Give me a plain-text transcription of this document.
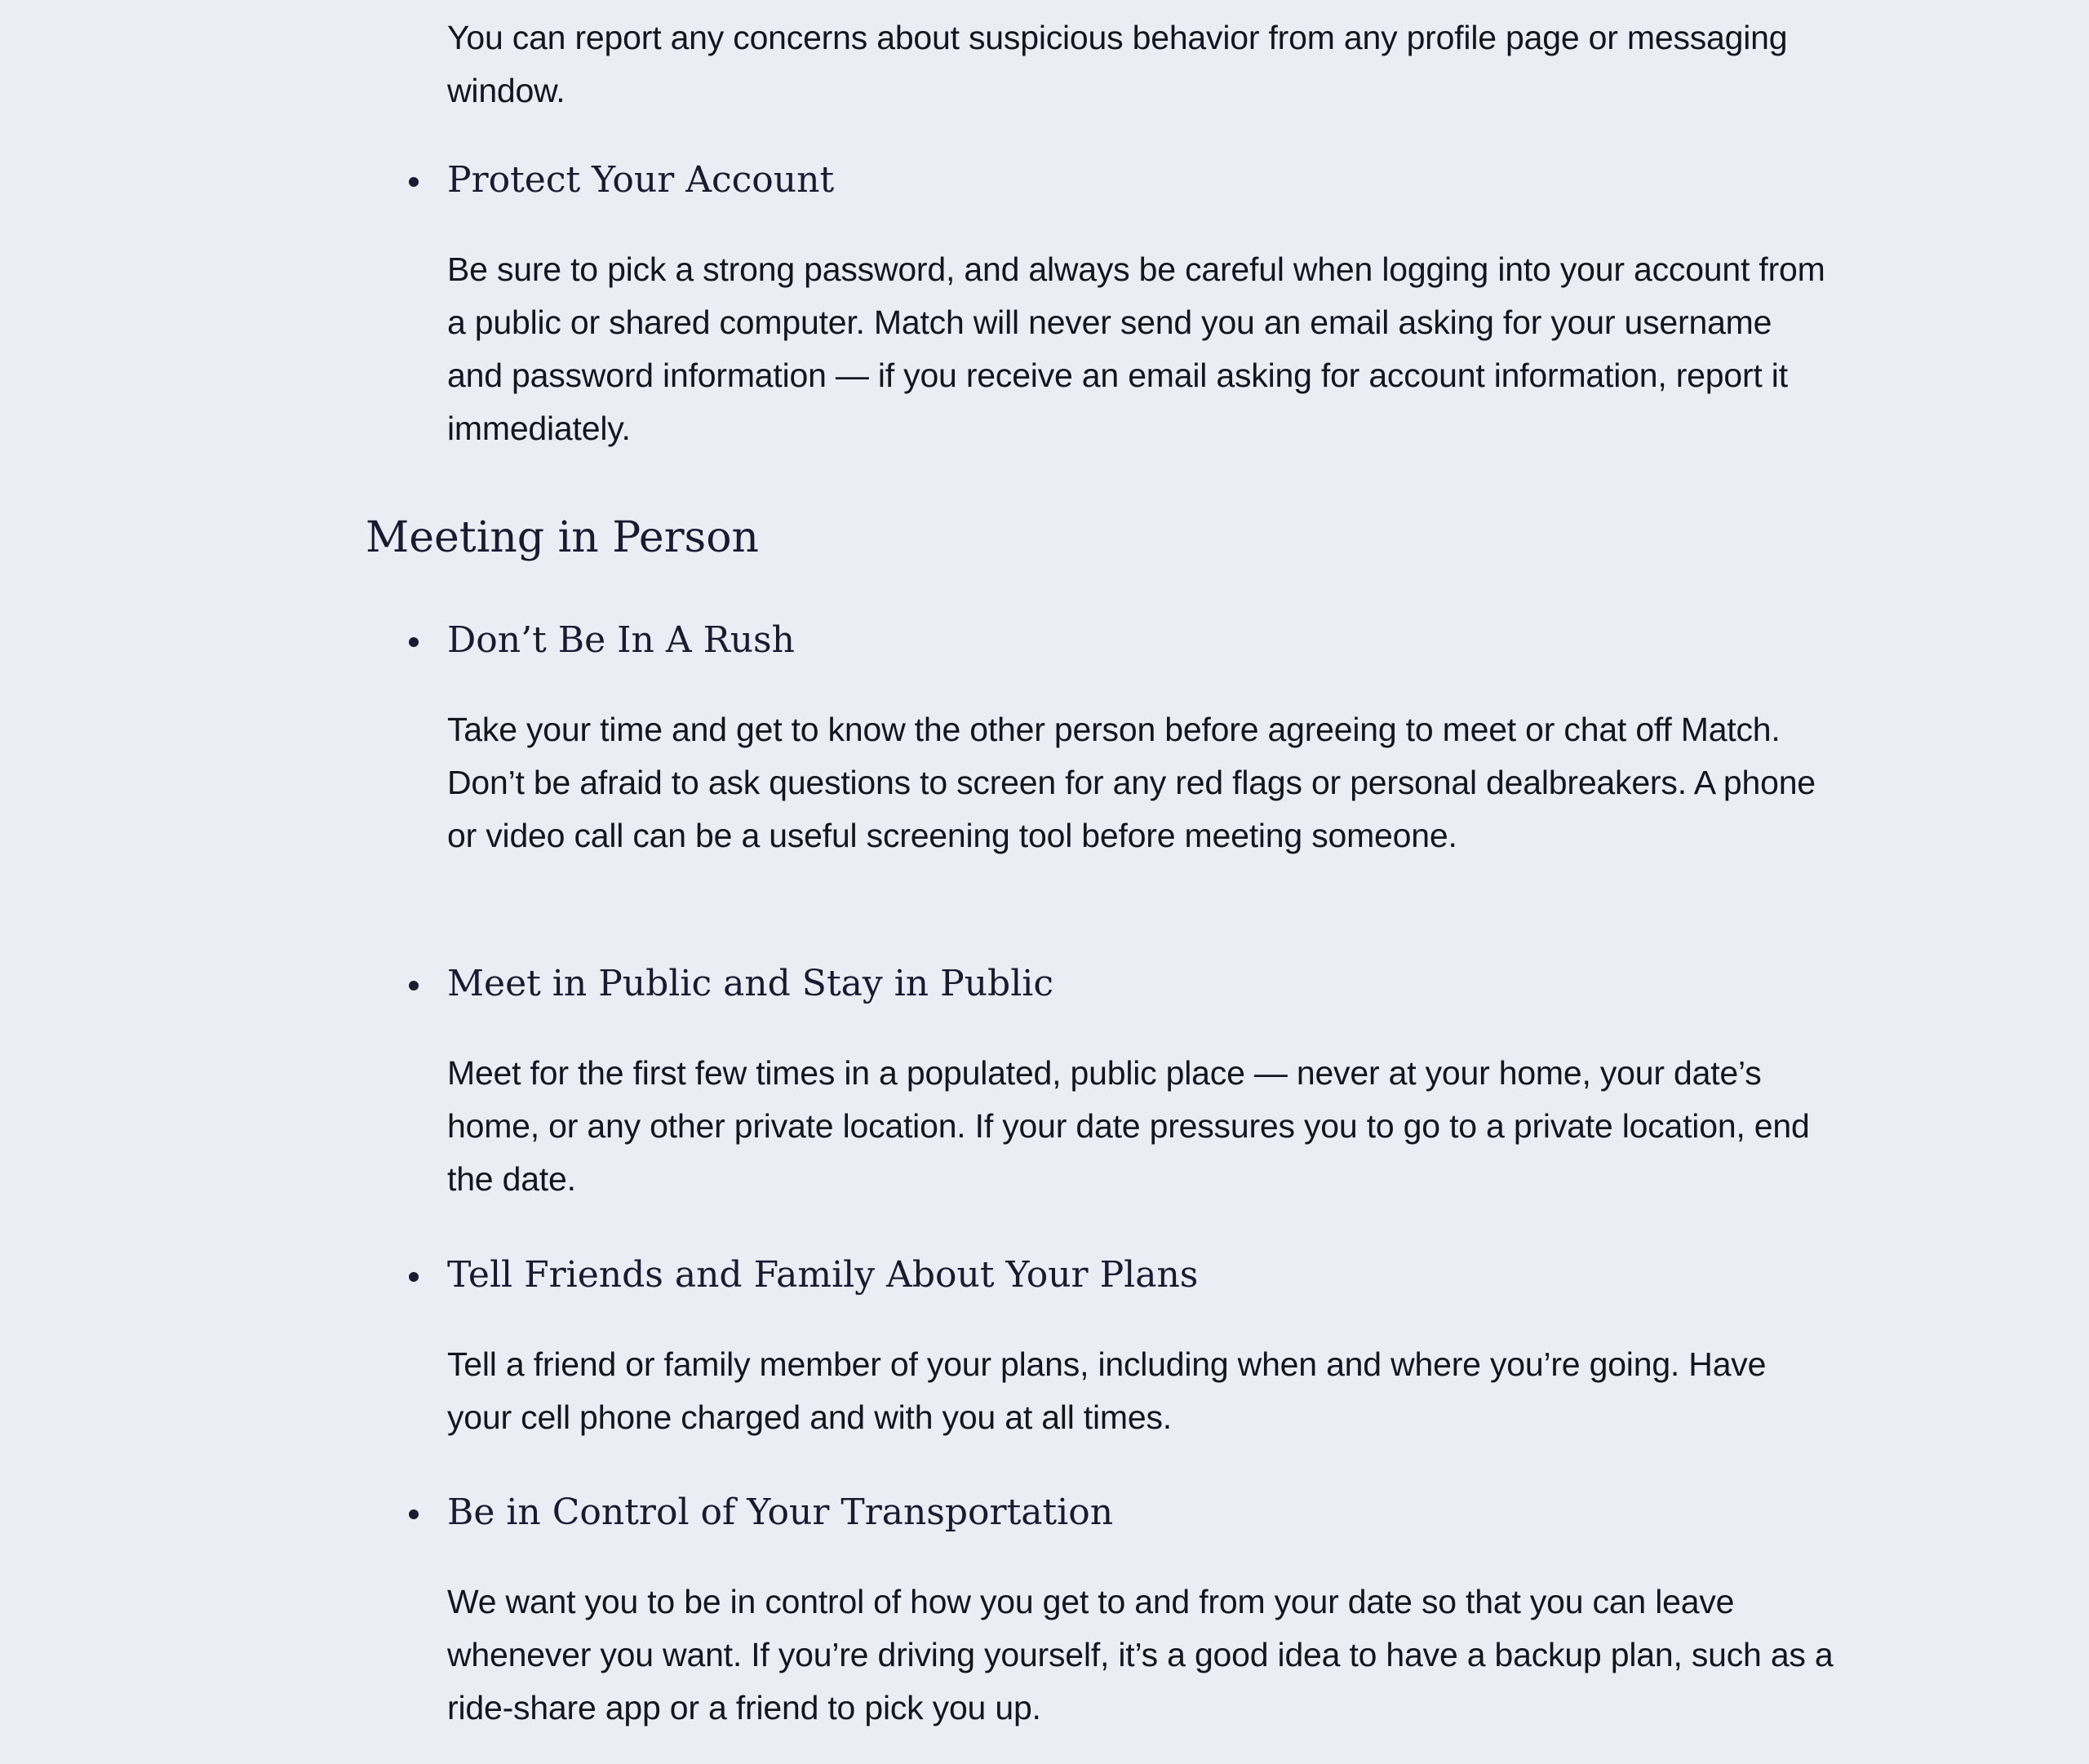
You can report any concerns about suspicious behavior from any profile page or messaging window.

Protect Your Account

Be sure to pick a strong password, and always be careful when logging into your account from a public or shared computer. Match will never send you an email asking for your username and password information — if you receive an email asking for account information, report it immediately.

Meeting in Person
Don’t Be In A Rush

Take your time and get to know the other person before agreeing to meet or chat off Match. Don’t be afraid to ask questions to screen for any red flags or personal dealbreakers. A phone or video call can be a useful screening tool before meeting someone.

Meet in Public and Stay in Public

Meet for the first few times in a populated, public place — never at your home, your date’s home, or any other private location. If your date pressures you to go to a private location, end the date.

Tell Friends and Family About Your Plans

Tell a friend or family member of your plans, including when and where you’re going. Have your cell phone charged and with you at all times.

Be in Control of Your Transportation

We want you to be in control of how you get to and from your date so that you can leave whenever you want. If you’re driving yourself, it’s a good idea to have a backup plan, such as a ride-share app or a friend to pick you up.
